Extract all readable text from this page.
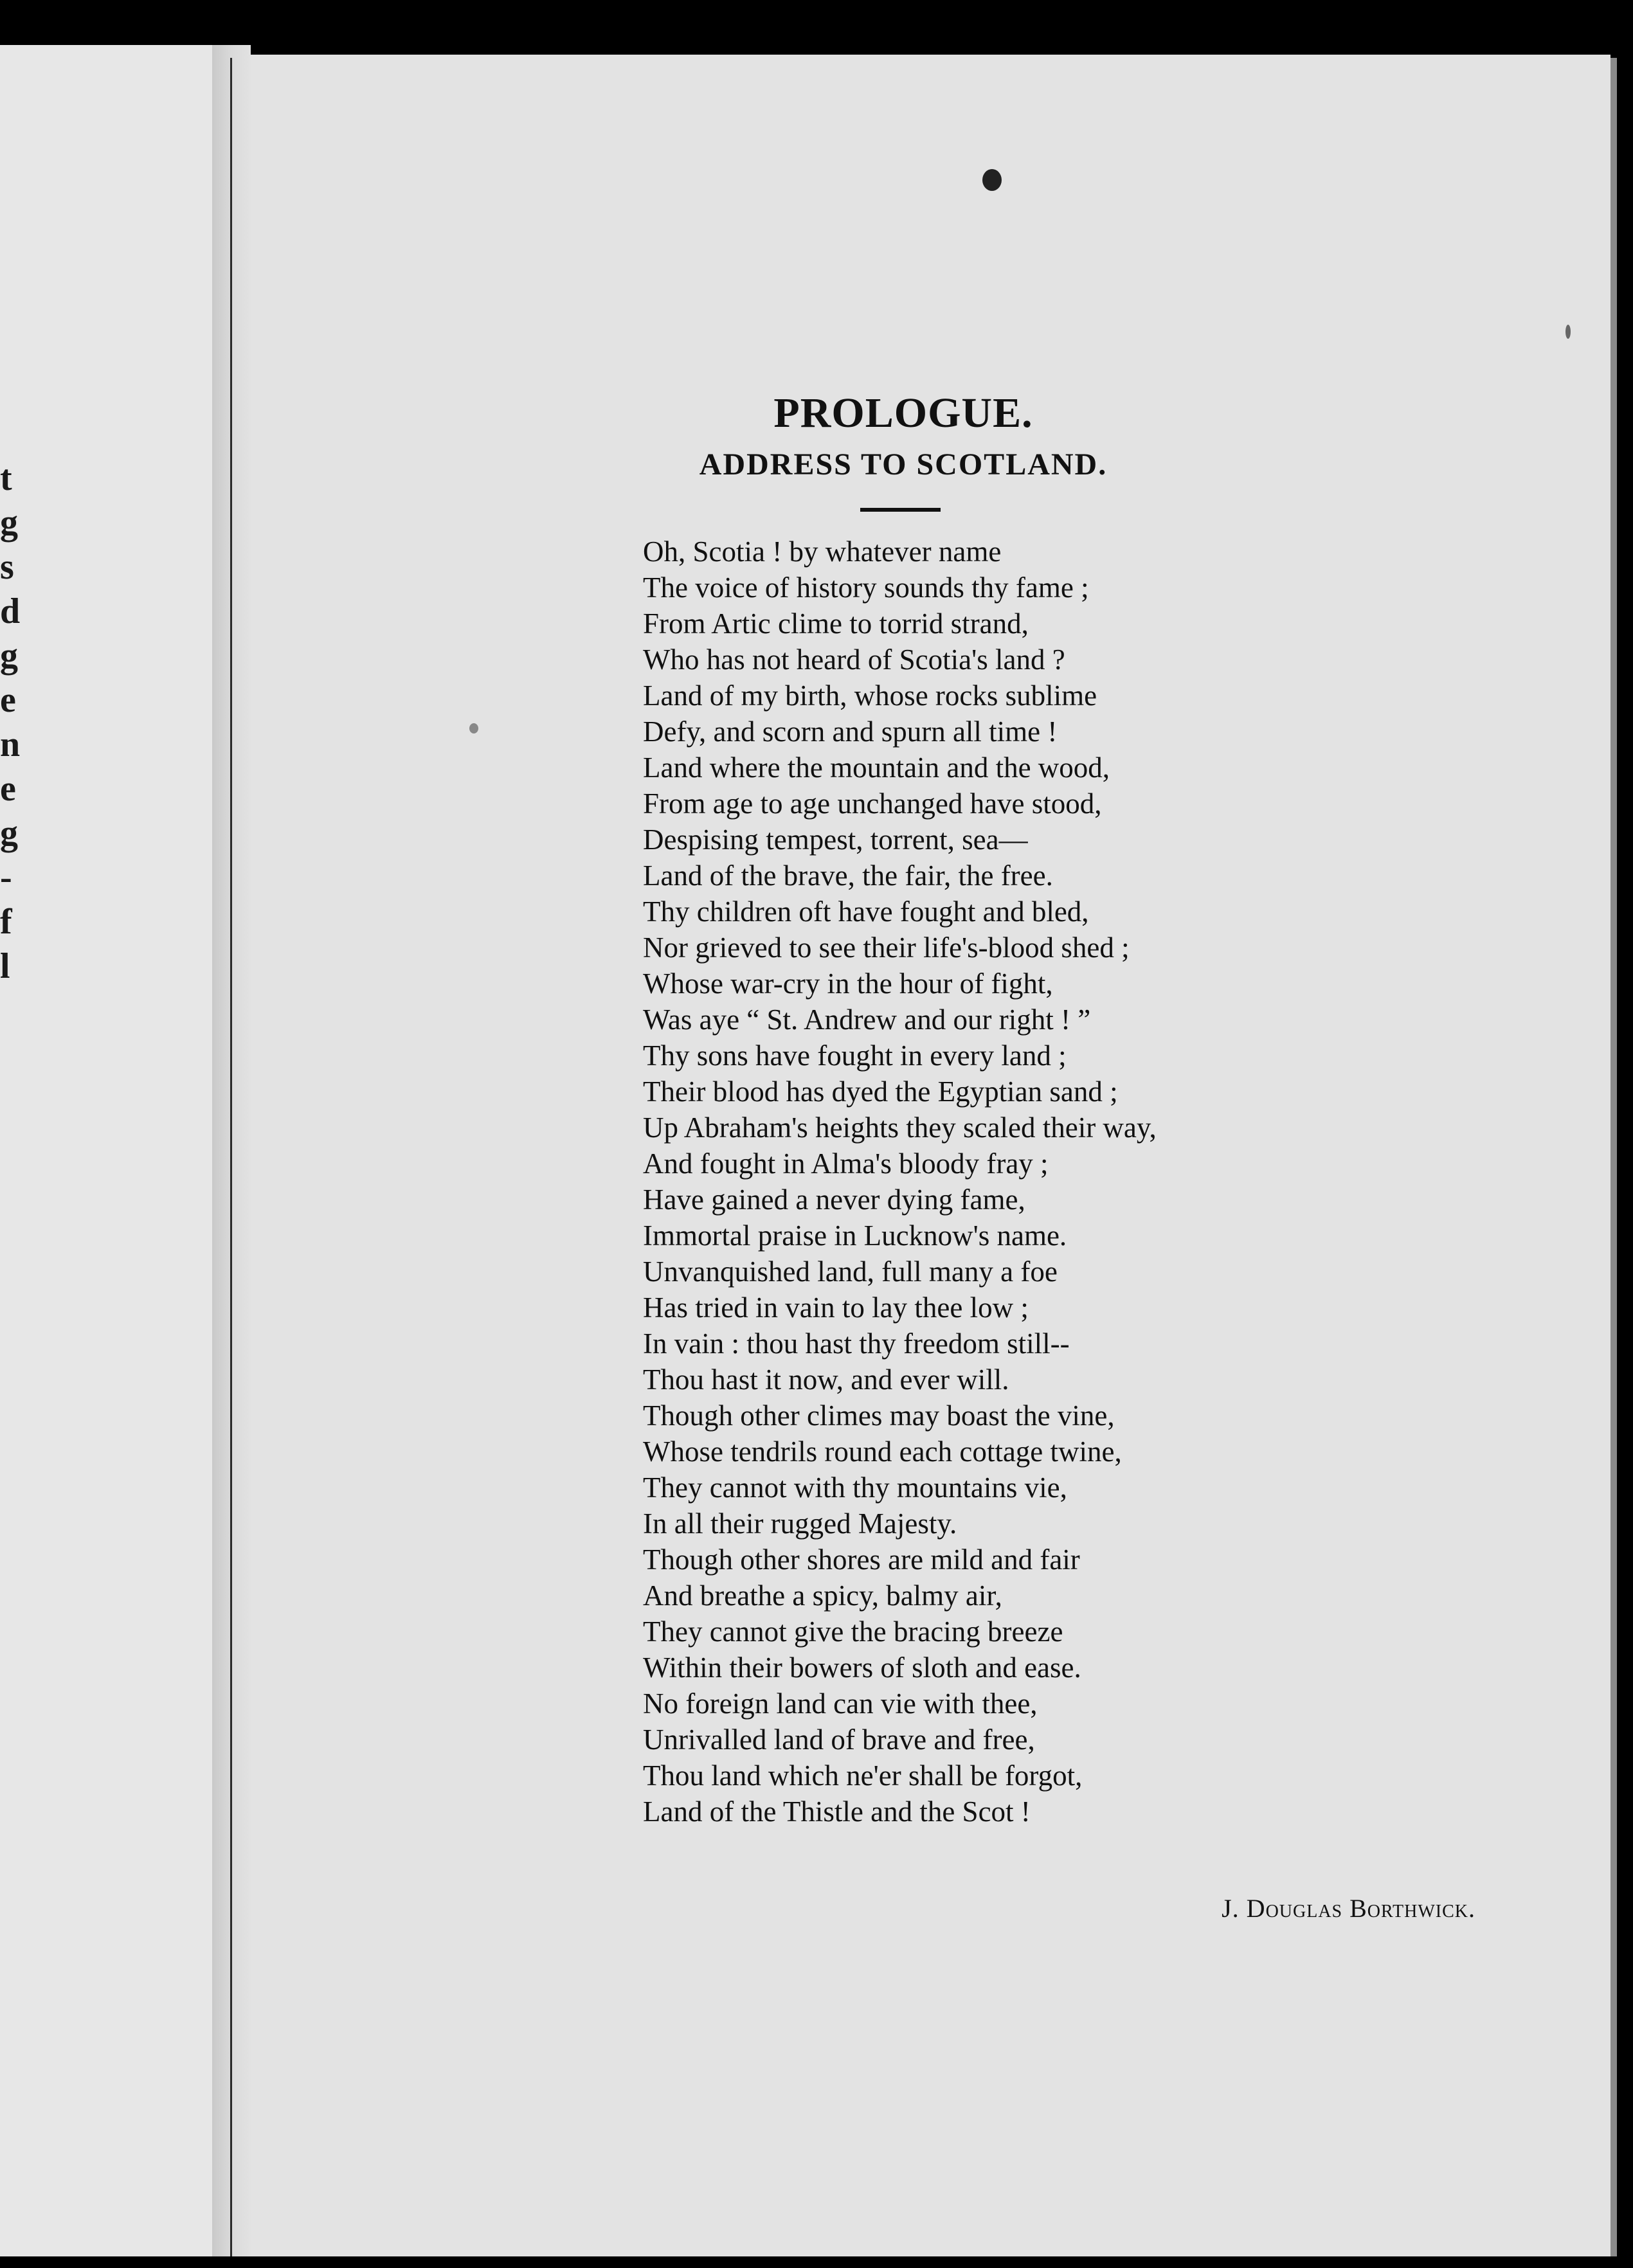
t
g
s
d
g
e
n
e
g
-
f
l
PROLOGUE.
ADDRESS TO SCOTLAND.
Oh, Scotia ! by whatever name
The voice of history sounds thy fame ;
From Artic clime to torrid strand,
Who has not heard of Scotia's land ?
Land of my birth, whose rocks sublime
Defy, and scorn and spurn all time !
Land where the mountain and the wood,
From age to age unchanged have stood,
Despising tempest, torrent, sea—
Land of the brave, the fair, the free.
Thy children oft have fought and bled,
Nor grieved to see their life's-blood shed ;
Whose war-cry in the hour of fight,
Was aye “ St. Andrew and our right ! ”
Thy sons have fought in every land ;
Their blood has dyed the Egyptian sand ;
Up Abraham's heights they scaled their way,
And fought in Alma's bloody fray ;
Have gained a never dying fame,
Immortal praise in Lucknow's name.
Unvanquished land, full many a foe
Has tried in vain to lay thee low ;
In vain : thou hast thy freedom still--
Thou hast it now, and ever will.
Though other climes may boast the vine,
Whose tendrils round each cottage twine,
They cannot with thy mountains vie,
In all their rugged Majesty.
Though other shores are mild and fair
And breathe a spicy, balmy air,
They cannot give the bracing breeze
Within their bowers of sloth and ease.
No foreign land can vie with thee,
Unrivalled land of brave and free,
Thou land which ne'er shall be forgot,
Land of the Thistle and the Scot !
J. Douglas Borthwick.
